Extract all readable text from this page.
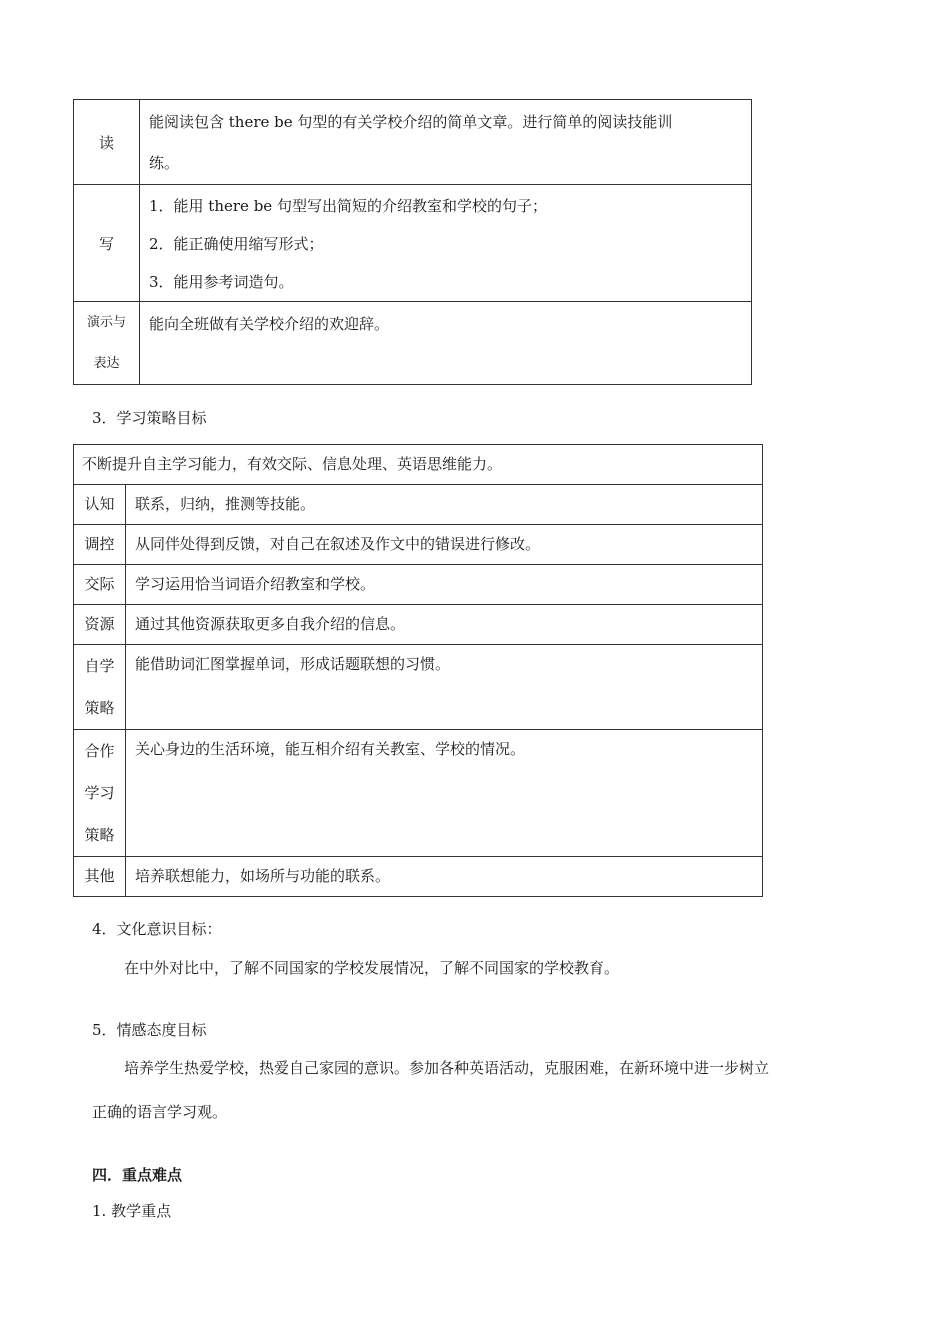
读	能阅读包含 there be 句型的有关学校介绍的简单文章。进行简单的阅读技能训
练。

写	1．能用 there be 句型写出简短的介绍教室和学校的句子；
2．能正确使用缩写形式；
3．能用参考词造句。

演示与
表达	能向全班做有关学校介绍的欢迎辞。
3．学习策略目标
不断提升自主学习能力，有效交际、信息处理、英语思维能力。	

认知	联系，归纳，推测等技能。

调控	从同伴处得到反馈，对自己在叙述及作文中的错误进行修改。

交际	学习运用恰当词语介绍教室和学校。

资源	通过其他资源获取更多自我介绍的信息。

自学
策略	能借助词汇图掌握单词，形成话题联想的习惯。

合作
学习
策略	关心身边的生活环境，能互相介绍有关教室、学校的情况。

其他	培养联想能力，如场所与功能的联系。
4．文化意识目标：
在中外对比中，了解不同国家的学校发展情况，了解不同国家的学校教育。
5．情感态度目标
培养学生热爱学校，热爱自己家园的意识。参加各种英语活动，克服困难，在新环境中进一步树立
正确的语言学习观。
四．重点难点
1. 教学重点
